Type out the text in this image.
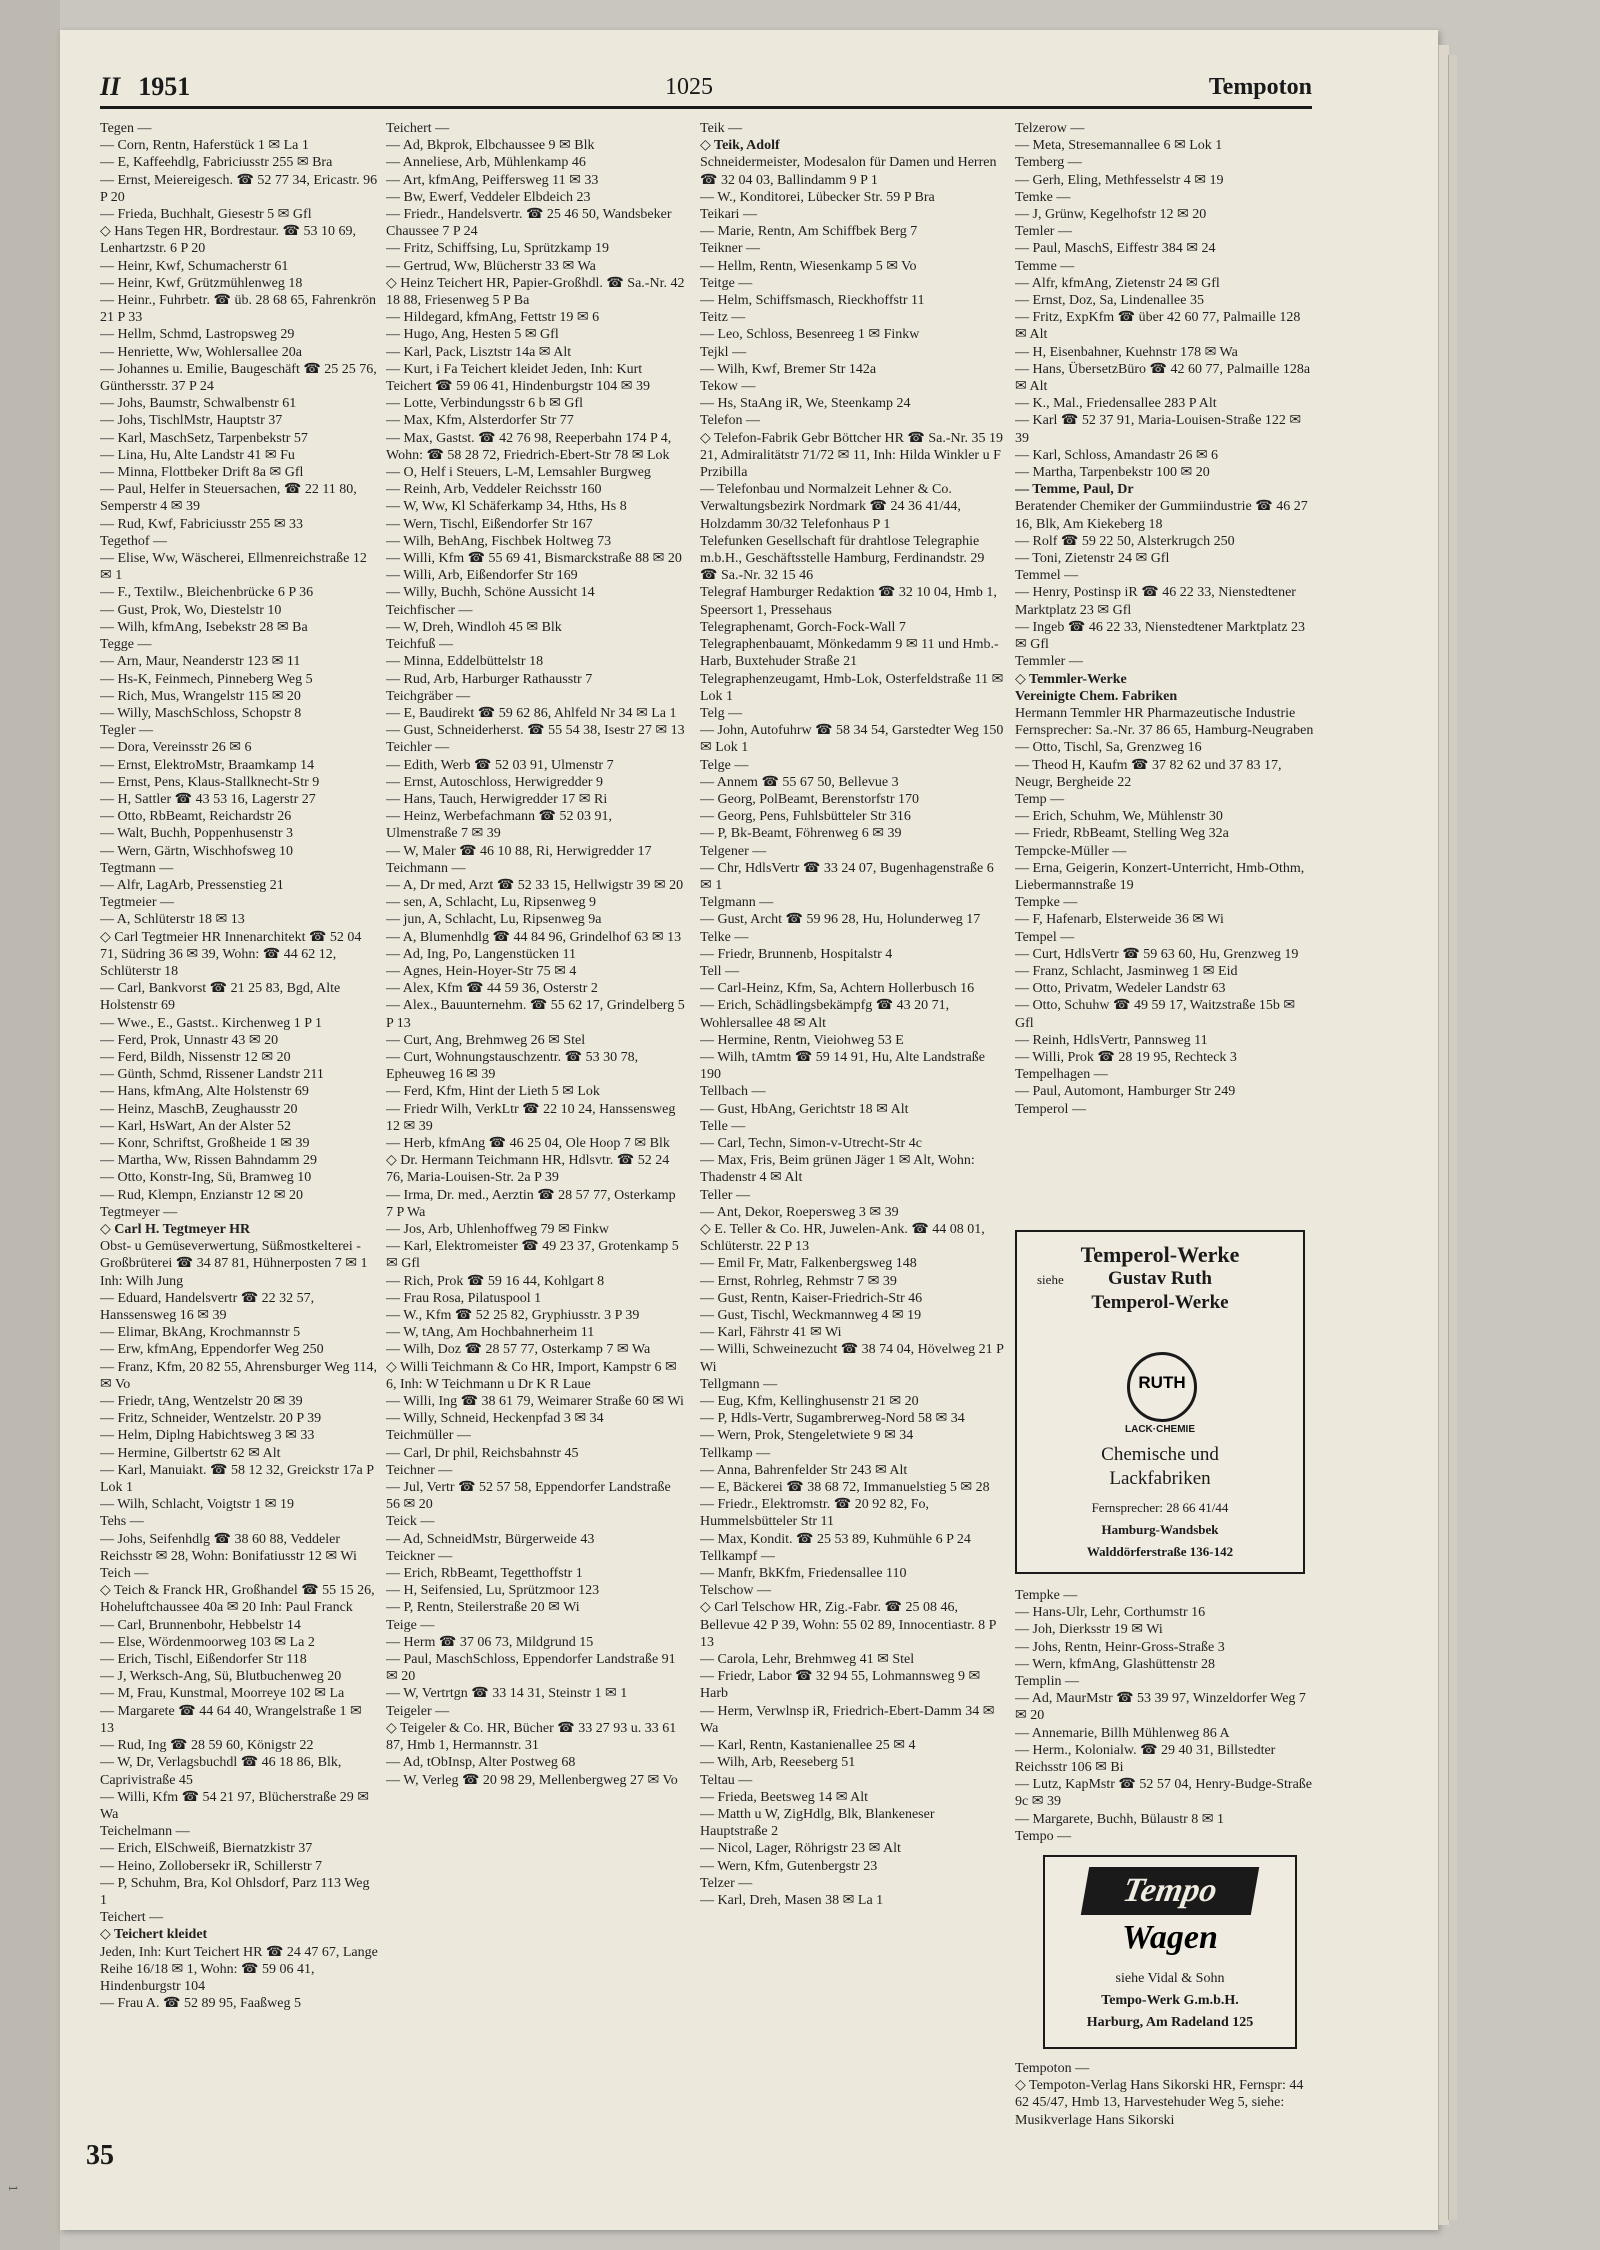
II 1951	1025	Tempoton

Tegen —

— Corn, Rentn, Haferstück 1 ✉ La 1

— E, Kaffeehdlg, Fabriciusstr 255 ✉ Bra

— Ernst, Meiereigesch. ☎ 52 77 34, Ericastr. 96 P 20

— Frieda, Buchhalt, Giesestr 5 ✉ Gfl

◇ Hans Tegen HR, Bordrestaur. ☎ 53 10 69, Lenhartzstr. 6 P 20

— Heinr, Kwf, Schumacherstr 61

— Heinr, Kwf, Grützmühlenweg 18

— Heinr., Fuhrbetr. ☎ üb. 28 68 65, Fahrenkrön 21 P 33

— Hellm, Schmd, Lastropsweg 29

— Henriette, Ww, Wohlersallee 20a

— Johannes u. Emilie, Baugeschäft ☎ 25 25 76, Günthersstr. 37 P 24

— Johs, Baumstr, Schwalbenstr 61

— Johs, TischlMstr, Hauptstr 37

— Karl, MaschSetz, Tarpenbekstr 57

— Lina, Hu, Alte Landstr 41 ✉ Fu

— Minna, Flottbeker Drift 8a ✉ Gfl

— Paul, Helfer in Steuersachen, ☎ 22 11 80, Semperstr 4 ✉ 39

— Rud, Kwf, Fabriciusstr 255 ✉ 33

Tegethof —

— Elise, Ww, Wäscherei, Ellmenreichstraße 12 ✉ 1

— F., Textilw., Bleichenbrücke 6 P 36

— Gust, Prok, Wo, Diestelstr 10

— Wilh, kfmAng, Isebekstr 28 ✉ Ba

Tegge —

— Arn, Maur, Neanderstr 123 ✉ 11

— Hs-K, Feinmech, Pinneberg Weg 5

— Rich, Mus, Wrangelstr 115 ✉ 20

— Willy, MaschSchloss, Schopstr 8

Tegler —

— Dora, Vereinsstr 26 ✉ 6

— Ernst, ElektroMstr, Braamkamp 14

— Ernst, Pens, Klaus-Stallknecht-Str 9

— H, Sattler ☎ 43 53 16, Lagerstr 27

— Otto, RbBeamt, Reichardstr 26

— Walt, Buchh, Poppenhusenstr 3

— Wern, Gärtn, Wischhofsweg 10

Tegtmann —

— Alfr, LagArb, Pressenstieg 21

Tegtmeier —

— A, Schlüterstr 18 ✉ 13

◇ Carl Tegtmeier HR Innenarchitekt ☎ 52 04 71, Südring 36 ✉ 39, Wohn: ☎ 44 62 12, Schlüterstr 18

— Carl, Bankvorst ☎ 21 25 83, Bgd, Alte Holstenstr 69

— Wwe., E., Gastst.. Kirchenweg 1 P 1

— Ferd, Prok, Unnastr 43 ✉ 20

— Ferd, Bildh, Nissenstr 12 ✉ 20

— Günth, Schmd, Rissener Landstr 211

— Hans, kfmAng, Alte Holstenstr 69

— Heinz, MaschB, Zeughausstr 20

— Karl, HsWart, An der Alster 52

— Konr, Schriftst, Großheide 1 ✉ 39

— Martha, Ww, Rissen Bahndamm 29

— Otto, Konstr-Ing, Sü, Bramweg 10

— Rud, Klempn, Enzianstr 12 ✉ 20

Tegtmeyer —

◇ Carl H. Tegtmeyer HR

Obst- u Gemüseverwertung, Süßmostkelterei - Großbrüterei ☎ 34 87 81, Hühnerposten 7 ✉ 1 Inh: Wilh Jung

— Eduard, Handelsvertr ☎ 22 32 57, Hanssensweg 16 ✉ 39

— Elimar, BkAng, Krochmannstr 5

— Erw, kfmAng, Eppendorfer Weg 250

— Franz, Kfm, 20 82 55, Ahrensburger Weg 114, ✉ Vo

— Friedr, tAng, Wentzelstr 20 ✉ 39

— Fritz, Schneider, Wentzelstr. 20 P 39

— Helm, Diplng Habichtsweg 3 ✉ 33

— Hermine, Gilbertstr 62 ✉ Alt

— Karl, Manuiakt. ☎ 58 12 32, Greickstr 17a P Lok 1

— Wilh, Schlacht, Voigtstr 1 ✉ 19

Tehs —

— Johs, Seifenhdlg ☎ 38 60 88, Veddeler Reichsstr ✉ 28, Wohn: Bonifatiusstr 12 ✉ Wi

Teich —

◇ Teich & Franck HR, Großhandel ☎ 55 15 26, Hoheluftchaussee 40a ✉ 20 Inh: Paul Franck

— Carl, Brunnenbohr, Hebbelstr 14

— Else, Wördenmoorweg 103 ✉ La 2

— Erich, Tischl, Eißendorfer Str 118

— J, Werksch-Ang, Sü, Blutbuchenweg 20

— M, Frau, Kunstmal, Moorreye 102 ✉ La

— Margarete ☎ 44 64 40, Wrangelstraße 1 ✉ 13

— Rud, Ing ☎ 28 59 60, Königstr 22

— W, Dr, Verlagsbuchdl ☎ 46 18 86, Blk, Caprivistraße 45

— Willi, Kfm ☎ 54 21 97, Blücherstraße 29 ✉ Wa

Teichelmann —

— Erich, ElSchweiß, Biernatzkistr 37

— Heino, Zollobersekr iR, Schillerstr 7

— P, Schuhm, Bra, Kol Ohlsdorf, Parz 113 Weg 1

Teichert —

◇ Teichert kleidet

Jeden, Inh: Kurt Teichert HR ☎ 24 47 67, Lange Reihe 16/18 ✉ 1, Wohn: ☎ 59 06 41, Hindenburgstr 104

— Frau A. ☎ 52 89 95, Faaßweg 5

Teichert —

— Ad, Bkprok, Elbchaussee 9 ✉ Blk

— Anneliese, Arb, Mühlenkamp 46

— Art, kfmAng, Peiffersweg 11 ✉ 33

— Bw, Ewerf, Veddeler Elbdeich 23

— Friedr., Handelsvertr. ☎ 25 46 50, Wandsbeker Chaussee 7 P 24

— Fritz, Schiffsing, Lu, Sprützkamp 19

— Gertrud, Ww, Blücherstr 33 ✉ Wa

◇ Heinz Teichert HR, Papier-Großhdl. ☎ Sa.-Nr. 42 18 88, Friesenweg 5 P Ba

— Hildegard, kfmAng, Fettstr 19 ✉ 6

— Hugo, Ang, Hesten 5 ✉ Gfl

— Karl, Pack, Lisztstr 14a ✉ Alt

— Kurt, i Fa Teichert kleidet Jeden, Inh: Kurt Teichert ☎ 59 06 41, Hindenburgstr 104 ✉ 39

— Lotte, Verbindungsstr 6 b ✉ Gfl

— Max, Kfm, Alsterdorfer Str 77

— Max, Gastst. ☎ 42 76 98, Reeperbahn 174 P 4, Wohn: ☎ 58 28 72, Friedrich-Ebert-Str 78 ✉ Lok

— O, Helf i Steuers, L-M, Lemsahler Burgweg

— Reinh, Arb, Veddeler Reichsstr 160

— W, Ww, Kl Schäferkamp 34, Hths, Hs 8

— Wern, Tischl, Eißendorfer Str 167

— Wilh, BehAng, Fischbek Holtweg 73

— Willi, Kfm ☎ 55 69 41, Bismarckstraße 88 ✉ 20

— Willi, Arb, Eißendorfer Str 169

— Willy, Buchh, Schöne Aussicht 14

Teichfischer —

— W, Dreh, Windloh 45 ✉ Blk

Teichfuß —

— Minna, Eddelbüttelstr 18

— Rud, Arb, Harburger Rathausstr 7

Teichgräber —

— E, Baudirekt ☎ 59 62 86, Ahlfeld Nr 34 ✉ La 1

— Gust, Schneiderherst. ☎ 55 54 38, Isestr 27 ✉ 13

Teichler —

— Edith, Werb ☎ 52 03 91, Ulmenstr 7

— Ernst, Autoschloss, Herwigredder 9

— Hans, Tauch, Herwigredder 17 ✉ Ri

— Heinz, Werbefachmann ☎ 52 03 91, Ulmenstraße 7 ✉ 39

— W, Maler ☎ 46 10 88, Ri, Herwigredder 17

Teichmann —

— A, Dr med, Arzt ☎ 52 33 15, Hellwigstr 39 ✉ 20

— sen, A, Schlacht, Lu, Ripsenweg 9

— jun, A, Schlacht, Lu, Ripsenweg 9a

— A, Blumenhdlg ☎ 44 84 96, Grindelhof 63 ✉ 13

— Ad, Ing, Po, Langenstücken 11

— Agnes, Hein-Hoyer-Str 75 ✉ 4

— Alex, Kfm ☎ 44 59 36, Osterstr 2

— Alex., Bauunternehm. ☎ 55 62 17, Grindelberg 5 P 13

— Curt, Ang, Brehmweg 26 ✉ Stel

— Curt, Wohnungstauschzentr. ☎ 53 30 78, Epheuweg 16 ✉ 39

— Ferd, Kfm, Hint der Lieth 5 ✉ Lok

— Friedr Wilh, VerkLtr ☎ 22 10 24, Hanssensweg 12 ✉ 39

— Herb, kfmAng ☎ 46 25 04, Ole Hoop 7 ✉ Blk

◇ Dr. Hermann Teichmann HR, Hdlsvtr. ☎ 52 24 76, Maria-Louisen-Str. 2a P 39

— Irma, Dr. med., Aerztin ☎ 28 57 77, Osterkamp 7 P Wa

— Jos, Arb, Uhlenhoffweg 79 ✉ Finkw

— Karl, Elektromeister ☎ 49 23 37, Grotenkamp 5 ✉ Gfl

— Rich, Prok ☎ 59 16 44, Kohlgart 8

— Frau Rosa, Pilatuspool 1

— W., Kfm ☎ 52 25 82, Gryphiusstr. 3 P 39

— W, tAng, Am Hochbahnerheim 11

— Wilh, Doz ☎ 28 57 77, Osterkamp 7 ✉ Wa

◇ Willi Teichmann & Co HR, Import, Kampstr 6 ✉ 6, Inh: W Teichmann u Dr K R Laue

— Willi, Ing ☎ 38 61 79, Weimarer Straße 60 ✉ Wi

— Willy, Schneid, Heckenpfad 3 ✉ 34

Teichmüller —

— Carl, Dr phil, Reichsbahnstr 45

Teichner —

— Jul, Vertr ☎ 52 57 58, Eppendorfer Landstraße 56 ✉ 20

Teick —

— Ad, SchneidMstr, Bürgerweide 43

Teickner —

— Erich, RbBeamt, Tegetthoffstr 1

— H, Seifensied, Lu, Sprützmoor 123

— P, Rentn, Steilerstraße 20 ✉ Wi

Teige —

— Herm ☎ 37 06 73, Mildgrund 15

— Paul, MaschSchloss, Eppendorfer Landstraße 91 ✉ 20

— W, Vertrtgn ☎ 33 14 31, Steinstr 1 ✉ 1

Teigeler —

◇ Teigeler & Co. HR, Bücher ☎ 33 27 93 u. 33 61 87, Hmb 1, Hermannstr. 31

— Ad, tObInsp, Alter Postweg 68

— W, Verleg ☎ 20 98 29, Mellenbergweg 27 ✉ Vo

Teik —

◇ Teik, Adolf

Schneidermeister, Modesalon für Damen und Herren ☎ 32 04 03, Ballindamm 9 P 1

— W., Konditorei, Lübecker Str. 59 P Bra

Teikari —

— Marie, Rentn, Am Schiffbek Berg 7

Teikner —

— Hellm, Rentn, Wiesenkamp 5 ✉ Vo

Teitge —

— Helm, Schiffsmasch, Rieckhoffstr 11

Teitz —

— Leo, Schloss, Besenreeg 1 ✉ Finkw

Tejkl —

— Wilh, Kwf, Bremer Str 142a

Tekow —

— Hs, StaAng iR, We, Steenkamp 24

Telefon —

◇ Telefon-Fabrik Gebr Böttcher HR ☎ Sa.-Nr. 35 19 21, Admiralitätstr 71/72 ✉ 11, Inh: Hilda Winkler u F Przibilla

— Telefonbau und Normalzeit Lehner & Co. Verwaltungsbezirk Nordmark ☎ 24 36 41/44, Holzdamm 30/32 Telefonhaus P 1

Telefunken Gesellschaft für drahtlose Telegraphie m.b.H., Geschäftsstelle Hamburg, Ferdinandstr. 29 ☎ Sa.-Nr. 32 15 46

Telegraf Hamburger Redaktion ☎ 32 10 04, Hmb 1, Speersort 1, Pressehaus

Telegraphenamt, Gorch-Fock-Wall 7

Telegraphenbauamt, Mönkedamm 9 ✉ 11 und Hmb.-Harb, Buxtehuder Straße 21

Telegraphenzeugamt, Hmb-Lok, Osterfeldstraße 11 ✉ Lok 1

Telg —

— John, Autofuhrw ☎ 58 34 54, Garstedter Weg 150 ✉ Lok 1

Telge —

— Annem ☎ 55 67 50, Bellevue 3

— Georg, PolBeamt, Berenstorfstr 170

— Georg, Pens, Fuhlsbütteler Str 316

— P, Bk-Beamt, Föhrenweg 6 ✉ 39

Telgener —

— Chr, HdlsVertr ☎ 33 24 07, Bugenhagenstraße 6 ✉ 1

Telgmann —

— Gust, Archt ☎ 59 96 28, Hu, Holunderweg 17

Telke —

— Friedr, Brunnenb, Hospitalstr 4

Tell —

— Carl-Heinz, Kfm, Sa, Achtern Hollerbusch 16

— Erich, Schädlingsbekämpfg ☎ 43 20 71, Wohlersallee 48 ✉ Alt

— Hermine, Rentn, Vieiohweg 53 E

— Wilh, tAmtm ☎ 59 14 91, Hu, Alte Landstraße 190

Tellbach —

— Gust, HbAng, Gerichtstr 18 ✉ Alt

Telle —

— Carl, Techn, Simon-v-Utrecht-Str 4c

— Max, Fris, Beim grünen Jäger 1 ✉ Alt, Wohn: Thadenstr 4 ✉ Alt

Teller —

— Ant, Dekor, Roepersweg 3 ✉ 39

◇ E. Teller & Co. HR, Juwelen-Ank. ☎ 44 08 01, Schlüterstr. 22 P 13

— Emil Fr, Matr, Falkenbergsweg 148

— Ernst, Rohrleg, Rehmstr 7 ✉ 39

— Gust, Rentn, Kaiser-Friedrich-Str 46

— Gust, Tischl, Weckmannweg 4 ✉ 19

— Karl, Fährstr 41 ✉ Wi

— Willi, Schweinezucht ☎ 38 74 04, Hövelweg 21 P Wi

Tellgmann —

— Eug, Kfm, Kellinghusenstr 21 ✉ 20

— P, Hdls-Vertr, Sugambrerweg-Nord 58 ✉ 34

— Wern, Prok, Stengeletwiete 9 ✉ 34

Tellkamp —

— Anna, Bahrenfelder Str 243 ✉ Alt

— E, Bäckerei ☎ 38 68 72, Immanuelstieg 5 ✉ 28

— Friedr., Elektromstr. ☎ 20 92 82, Fo, Hummelsbütteler Str 11

— Max, Kondit. ☎ 25 53 89, Kuhmühle 6 P 24

Tellkampf —

— Manfr, BkKfm, Friedensallee 110

Telschow —

◇ Carl Telschow HR, Zig.-Fabr. ☎ 25 08 46, Bellevue 42 P 39, Wohn: 55 02 89, Innocentiastr. 8 P 13

— Carola, Lehr, Brehmweg 41 ✉ Stel

— Friedr, Labor ☎ 32 94 55, Lohmannsweg 9 ✉ Harb

— Herm, Verwlnsp iR, Friedrich-Ebert-Damm 34 ✉ Wa

— Karl, Rentn, Kastanienallee 25 ✉ 4

— Wilh, Arb, Reeseberg 51

Teltau —

— Frieda, Beetsweg 14 ✉ Alt

— Matth u W, ZigHdlg, Blk, Blankeneser Hauptstraße 2

— Nicol, Lager, Röhrigstr 23 ✉ Alt

— Wern, Kfm, Gutenbergstr 23

Telzer —

— Karl, Dreh, Masen 38 ✉ La 1

Telzerow —

— Meta, Stresemannallee 6 ✉ Lok 1

Temberg —

— Gerh, Eling, Methfesselstr 4 ✉ 19

Temke —

— J, Grünw, Kegelhofstr 12 ✉ 20

Temler —

— Paul, MaschS, Eiffestr 384 ✉ 24

Temme —

— Alfr, kfmAng, Zietenstr 24 ✉ Gfl

— Ernst, Doz, Sa, Lindenallee 35

— Fritz, ExpKfm ☎ über 42 60 77, Palmaille 128 ✉ Alt

— H, Eisenbahner, Kuehnstr 178 ✉ Wa

— Hans, ÜbersetzBüro ☎ 42 60 77, Palmaille 128a ✉ Alt

— K., Mal., Friedensallee 283 P Alt

— Karl ☎ 52 37 91, Maria-Louisen-Straße 122 ✉ 39

— Karl, Schloss, Amandastr 26 ✉ 6

— Martha, Tarpenbekstr 100 ✉ 20

— Temme, Paul, Dr

Beratender Chemiker der Gummiindustrie ☎ 46 27 16, Blk, Am Kiekeberg 18

— Rolf ☎ 59 22 50, Alsterkrugch 250

— Toni, Zietenstr 24 ✉ Gfl

Temmel —

— Henry, Postinsp iR ☎ 46 22 33, Nienstedtener Marktplatz 23 ✉ Gfl

— Ingeb ☎ 46 22 33, Nienstedtener Marktplatz 23 ✉ Gfl

Temmler —

◇ Temmler-Werke

Vereinigte Chem. Fabriken

Hermann Temmler HR Pharmazeutische Industrie Fernsprecher: Sa.-Nr. 37 86 65, Hamburg-Neugraben

— Otto, Tischl, Sa, Grenzweg 16

— Theod H, Kaufm ☎ 37 82 62 und 37 83 17, Neugr, Bergheide 22

Temp —

— Erich, Schuhm, We, Mühlenstr 30

— Friedr, RbBeamt, Stelling Weg 32a

Tempcke-Müller —

— Erna, Geigerin, Konzert-Unterricht, Hmb-Othm, Liebermannstraße 19

Tempke —

— F, Hafenarb, Elsterweide 36 ✉ Wi

Tempel —

— Curt, HdlsVertr ☎ 59 63 60, Hu, Grenzweg 19

— Franz, Schlacht, Jasminweg 1 ✉ Eid

— Otto, Privatm, Wedeler Landstr 63

— Otto, Schuhw ☎ 49 59 17, Waitzstraße 15b ✉ Gfl

— Reinh, HdlsVertr, Pannsweg 11

— Willi, Prok ☎ 28 19 95, Rechteck 3

Tempelhagen —

— Paul, Automont, Hamburger Str 249

Temperol —

Tempke —

— Hans-Ulr, Lehr, Corthumstr 16

— Joh, Dierksstr 19 ✉ Wi

— Johs, Rentn, Heinr-Gross-Straße 3

— Wern, kfmAng, Glashüttenstr 28

Templin —

— Ad, MaurMstr ☎ 53 39 97, Winzeldorfer Weg 7 ✉ 20

— Annemarie, Billh Mühlenweg 86 A

— Herm., Kolonialw. ☎ 29 40 31, Billstedter Reichsstr 106 ✉ Bi

— Lutz, KapMstr ☎ 52 57 04, Henry-Budge-Straße 9c ✉ 39

— Margarete, Buchh, Bülaustr 8 ✉ 1

Tempo —

Tempoton —

◇ Tempoton-Verlag Hans Sikorski HR, Fernspr: 44 62 45/47, Hmb 13, Harvestehuder Weg 5, siehe: Musikverlage Hans Sikorski

Temperol-Werke
siehe	Gustav Ruth
Temperol-Werke
RUTH
LACK·CHEMIE
Chemische und
Lackfabriken
Fernsprecher: 28 66 41/44
Hamburg-Wandsbek
Walddörferstraße 136-142
Tempo
Wagen
siehe Vidal & Sohn
Tempo-Werk G.m.b.H.
Harburg, Am Radeland 125
35
1
